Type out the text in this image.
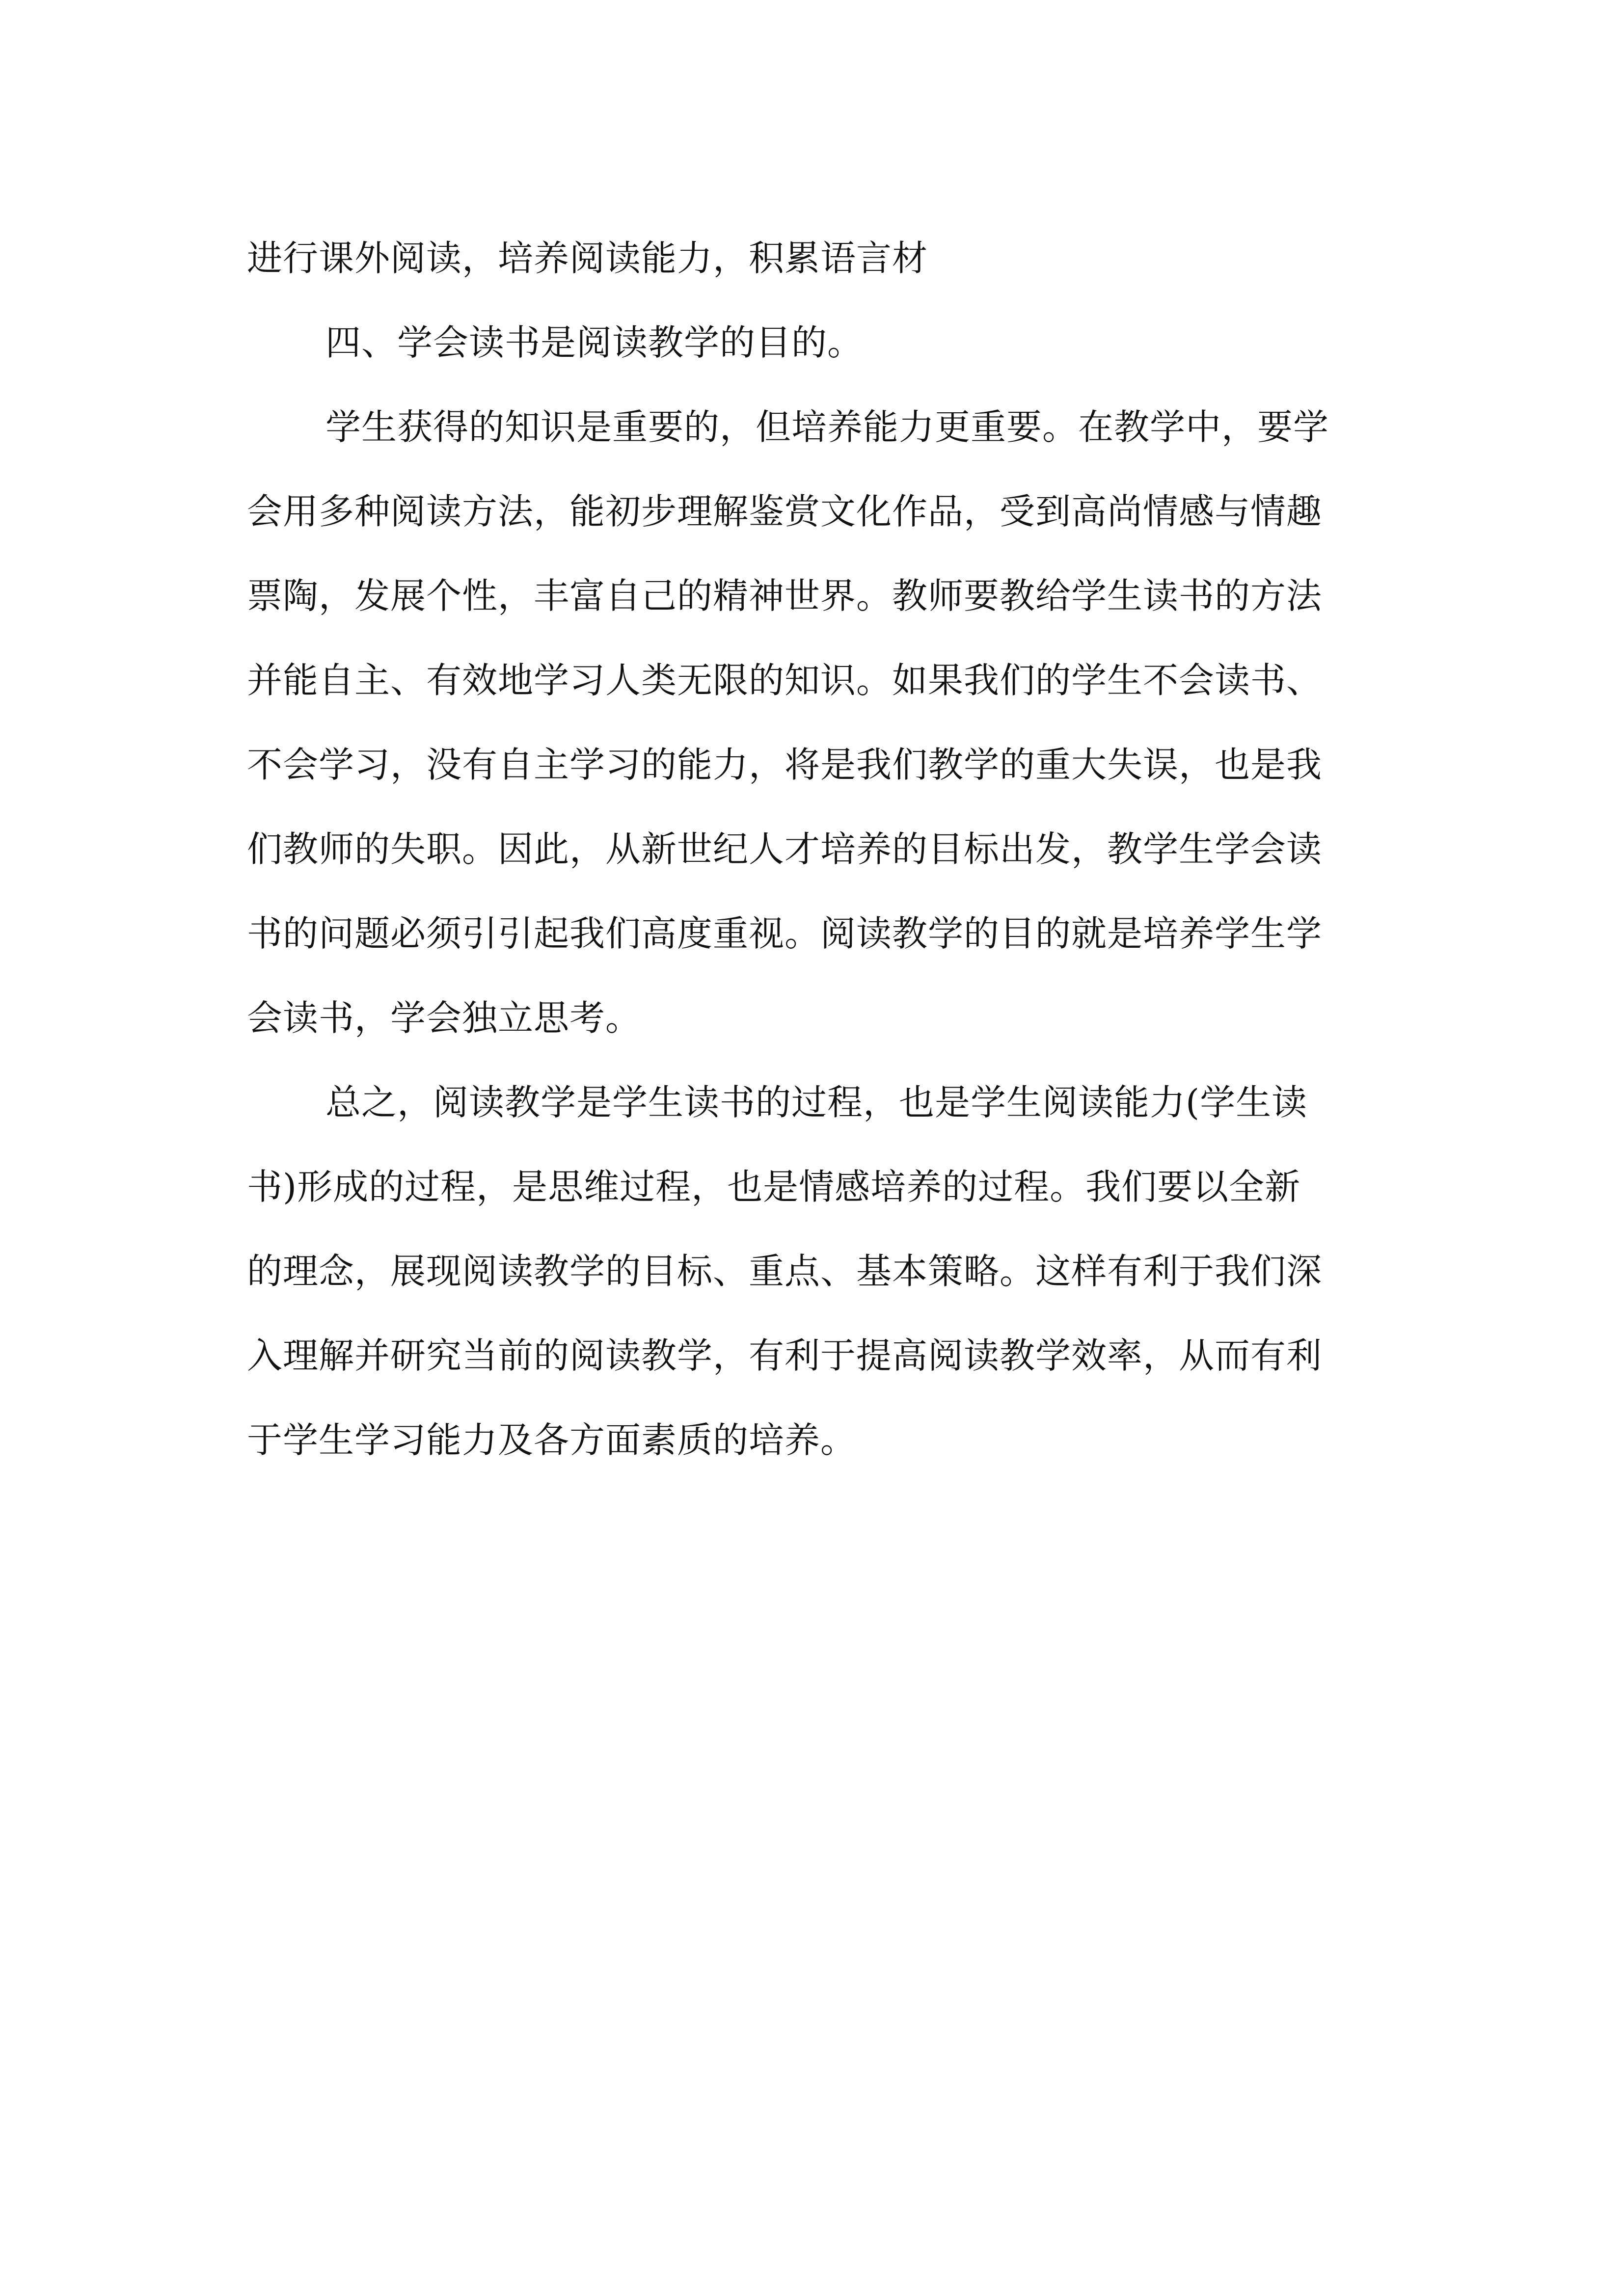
进行课外阅读，培养阅读能力，积累语言材
四、学会读书是阅读教学的目的。
学生获得的知识是重要的，但培养能力更重要。在教学中，要学
会用多种阅读方法，能初步理解鉴赏文化作品，受到高尚情感与情趣
票陶，发展个性，丰富自己的精神世界。教师要教给学生读书的方法
并能自主、有效地学习人类无限的知识。如果我们的学生不会读书、
不会学习，没有自主学习的能力，将是我们教学的重大失误，也是我
们教师的失职。因此，从新世纪人才培养的目标出发，教学生学会读
书的问题必须引引起我们高度重视。阅读教学的目的就是培养学生学
会读书，学会独立思考。
总之，阅读教学是学生读书的过程，也是学生阅读能力(学生读
书)形成的过程，是思维过程，也是情感培养的过程。我们要以全新
的理念，展现阅读教学的目标、重点、基本策略。这样有利于我们深
入理解并研究当前的阅读教学，有利于提高阅读教学效率，从而有利
于学生学习能力及各方面素质的培养。
